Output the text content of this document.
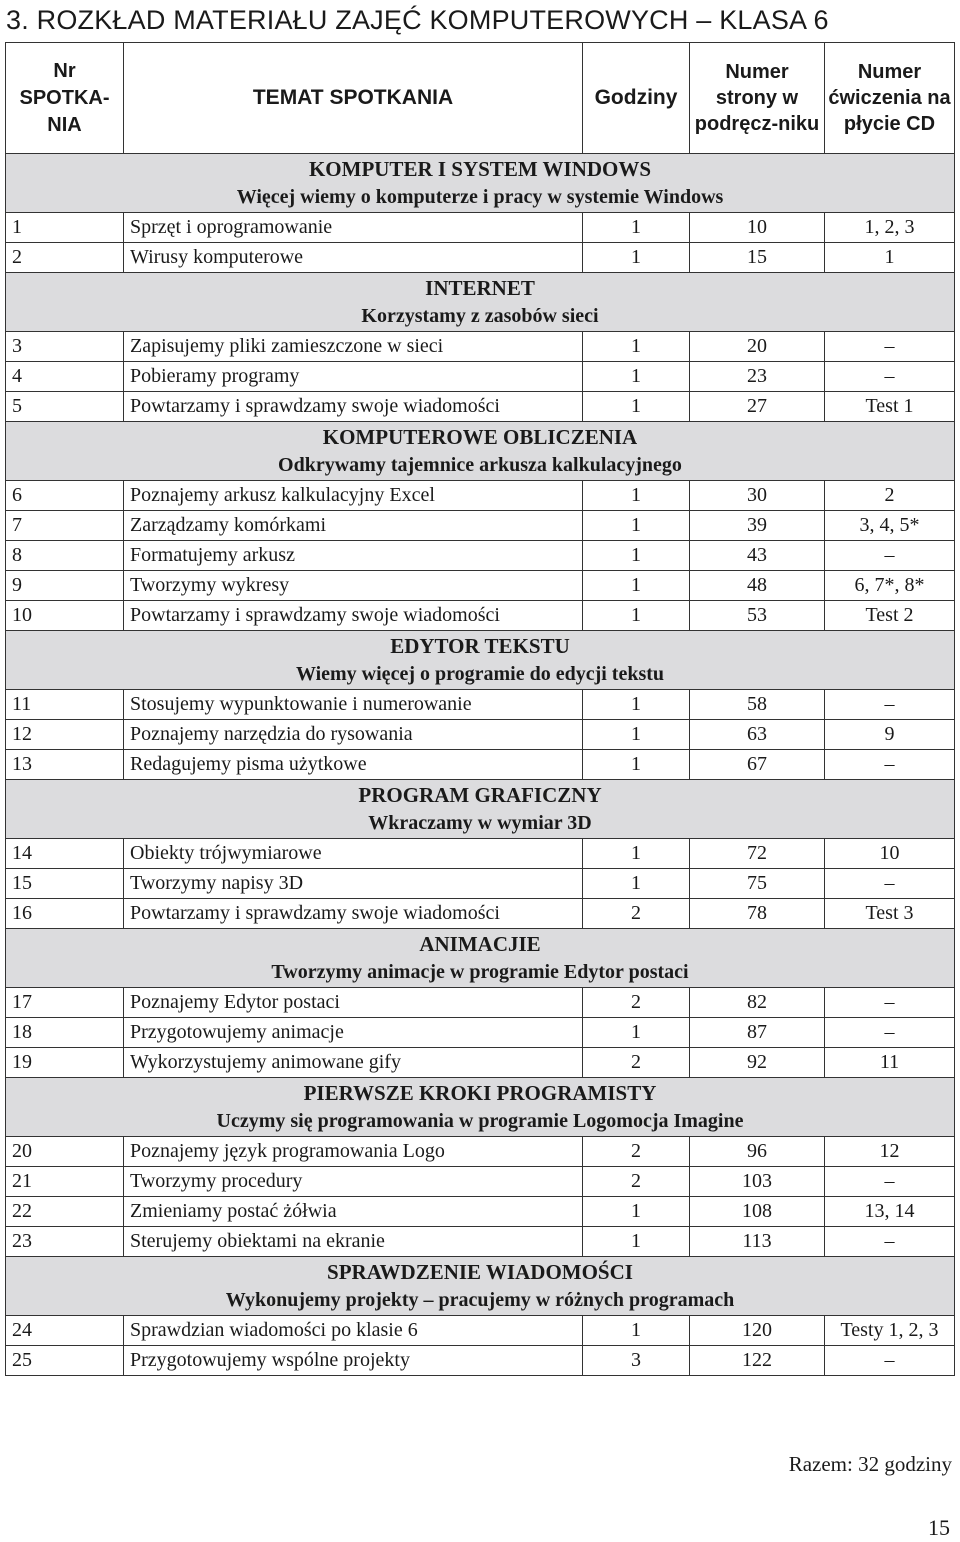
3. ROZKŁAD MATERIAŁU ZAJĘĆ KOMPUTEROWYCH – KLASA 6
Nr SPOTKA-NIA	TEMAT SPOTKANIA	Godziny	Numer strony w podręcz-niku	Numer ćwiczenia na płycie CD

KOMPUTER I SYSTEM WINDOWS
Więcej wiemy o komputerze i pracy w systemie Windows				

1	Sprzęt i oprogramowanie	1	10	1, 2, 3
2	Wirusy komputerowe	1	15	1

INTERNET
Korzystamy z zasobów sieci				

3	Zapisujemy pliki zamieszczone w sieci	1	20	–
4	Pobieramy programy	1	23	–
5	Powtarzamy i sprawdzamy swoje wiadomości	1	27	Test 1

KOMPUTEROWE OBLICZENIA
Odkrywamy tajemnice arkusza kalkulacyjnego				

6	Poznajemy arkusz kalkulacyjny Excel	1	30	2
7	Zarządzamy komórkami	1	39	3, 4, 5*
8	Formatujemy arkusz	1	43	–
9	Tworzymy wykresy	1	48	6, 7*, 8*
10	Powtarzamy i sprawdzamy swoje wiadomości	1	53	Test 2

EDYTOR TEKSTU
Wiemy więcej o programie do edycji tekstu				

11	Stosujemy wypunktowanie i numerowanie	1	58	–
12	Poznajemy narzędzia do rysowania	1	63	9
13	Redagujemy pisma użytkowe	1	67	–

PROGRAM GRAFICZNY
Wkraczamy w wymiar 3D				

14	Obiekty trójwymiarowe	1	72	10
15	Tworzymy napisy 3D	1	75	–
16	Powtarzamy i sprawdzamy swoje wiadomości	2	78	Test 3

ANIMACJIE
Tworzymy animacje w programie Edytor postaci				

17	Poznajemy Edytor postaci	2	82	–
18	Przygotowujemy animacje	1	87	–
19	Wykorzystujemy animowane gify	2	92	11

PIERWSZE KROKI PROGRAMISTY
Uczymy się programowania w programie Logomocja Imagine				

20	Poznajemy język programowania Logo	2	96	12
21	Tworzymy procedury	2	103	–
22	Zmieniamy postać żółwia	1	108	13, 14
23	Sterujemy obiektami na ekranie	1	113	–

SPRAWDZENIE WIADOMOŚCI
Wykonujemy projekty – pracujemy w różnych programach				

24	Sprawdzian wiadomości po klasie 6	1	120	Testy 1, 2, 3
25	Przygotowujemy wspólne projekty	3	122	–
Razem: 32 godziny
15
